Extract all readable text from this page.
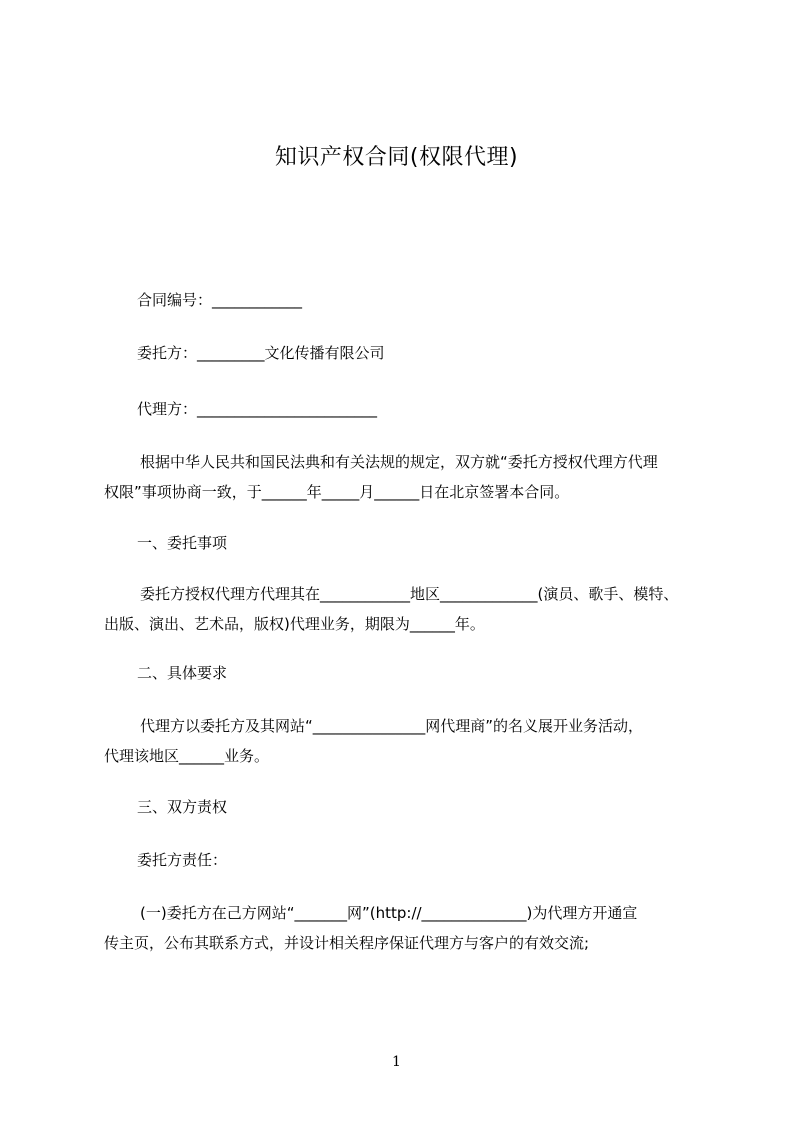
知识产权合同(权限代理)
合同编号：____________
委托方：_________文化传播有限公司
代理方：________________________
根据中华人民共和国民法典和有关法规的规定，双方就“委托方授权代理方代理
权限”事项协商一致，于______年_____月______日在北京签署本合同。
一、委托事项
委托方授权代理方代理其在____________地区_____________(演员、歌手、模特、
出版、演出、艺术品，版权)代理业务，期限为______年。
二、具体要求
代理方以委托方及其网站“_______________网代理商”的名义展开业务活动，
代理该地区______业务。
三、双方责权
委托方责任：
(一)委托方在己方网站“_______网”(http://______________)为代理方开通宣
传主页，公布其联系方式，并设计相关程序保证代理方与客户的有效交流;
1
